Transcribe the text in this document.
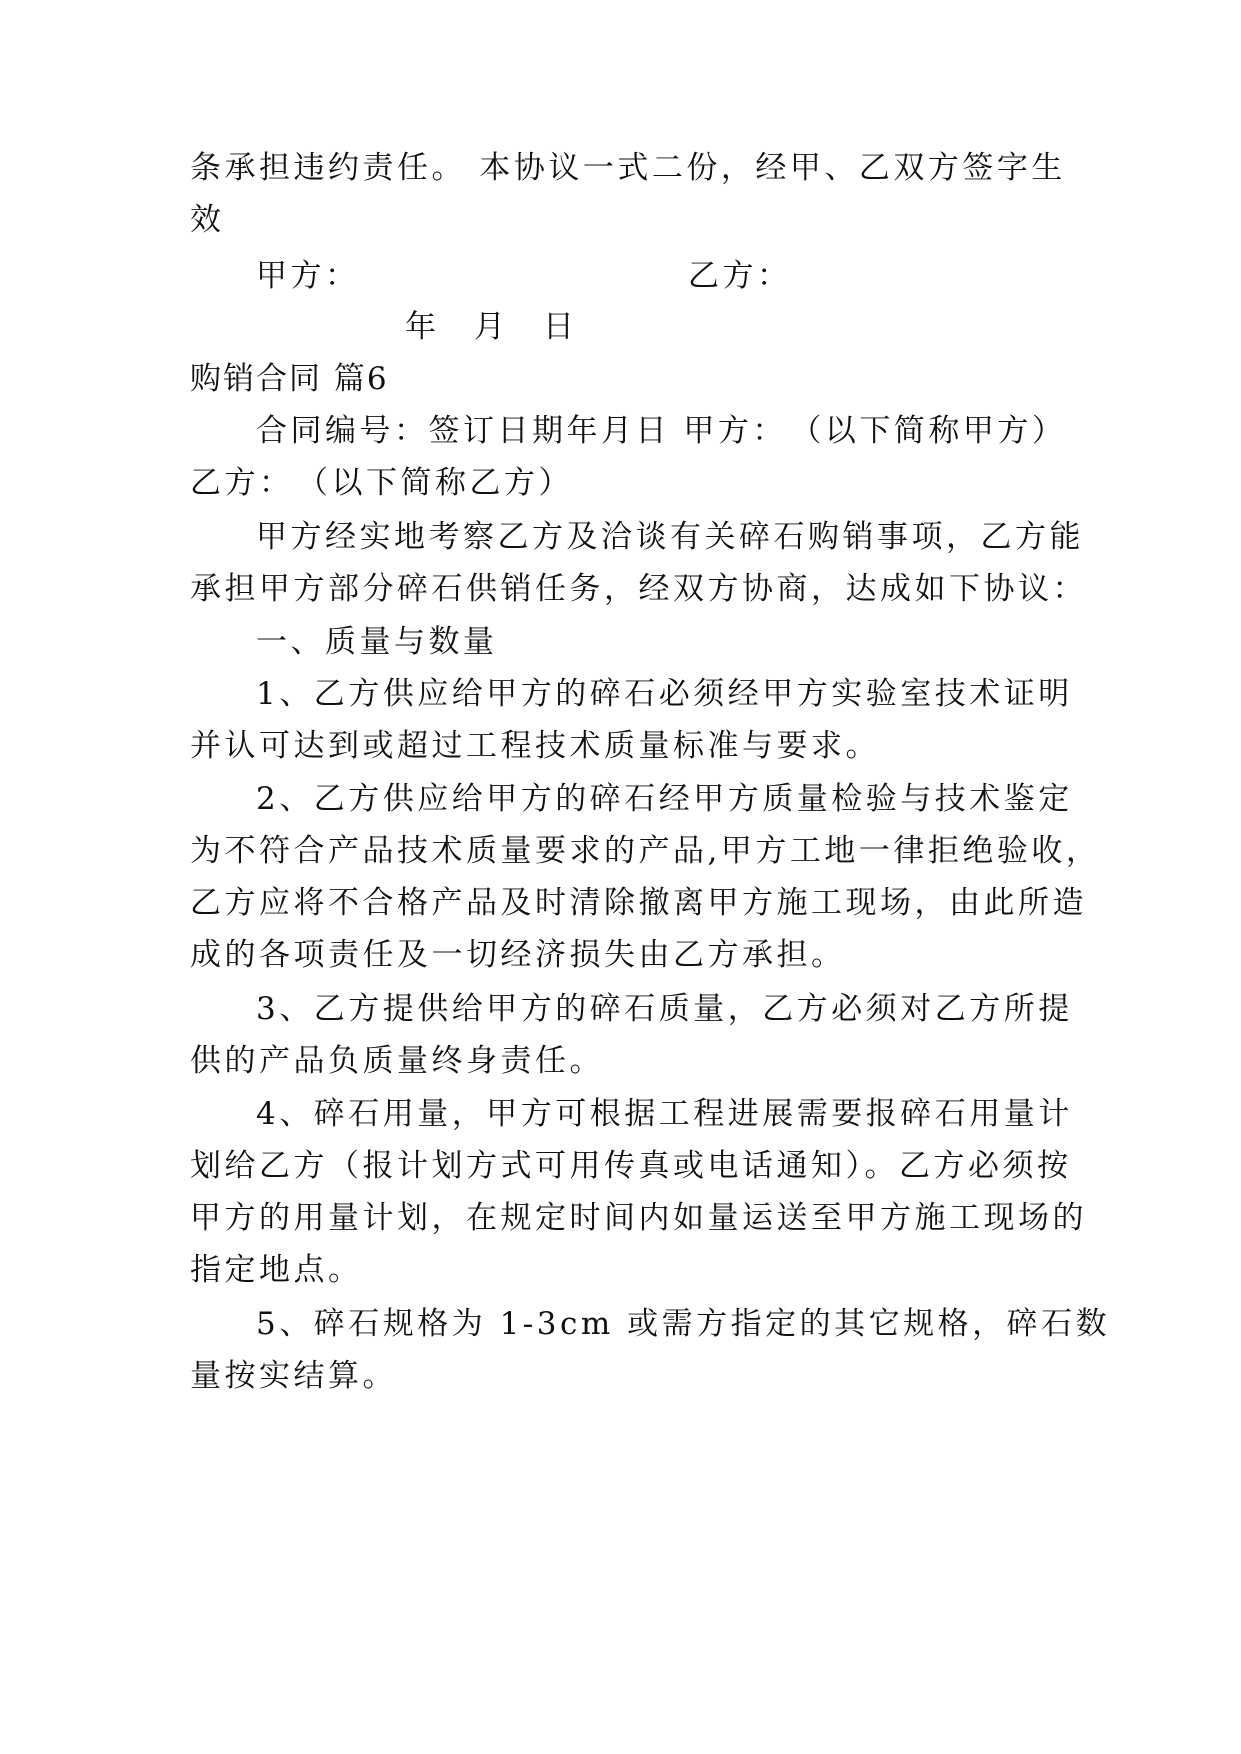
条承担违约责任。 本协议一式二份，经甲、乙双方签字生
效
甲方：	乙方：
年　月　日
购销合同 篇6
合同编号：签订日期年月日 甲方：　（以下简称甲方）
乙方：　（以下简称乙方）
甲方经实地考察乙方及洽谈有关碎石购销事项，乙方能
承担甲方部分碎石供销任务，经双方协商，达成如下协议：
一、质量与数量
1、乙方供应给甲方的碎石必须经甲方实验室技术证明
并认可达到或超过工程技术质量标准与要求。
2、乙方供应给甲方的碎石经甲方质量检验与技术鉴定
为不符合产品技术质量要求的产品,甲方工地一律拒绝验收，
乙方应将不合格产品及时清除撤离甲方施工现场，由此所造
成的各项责任及一切经济损失由乙方承担。
3、乙方提供给甲方的碎石质量，乙方必须对乙方所提
供的产品负质量终身责任。
4、碎石用量，甲方可根据工程进展需要报碎石用量计
划给乙方（报计划方式可用传真或电话通知）。乙方必须按
甲方的用量计划，在规定时间内如量运送至甲方施工现场的
指定地点。
5、碎石规格为 1-3cm 或需方指定的其它规格，碎石数
量按实结算。
